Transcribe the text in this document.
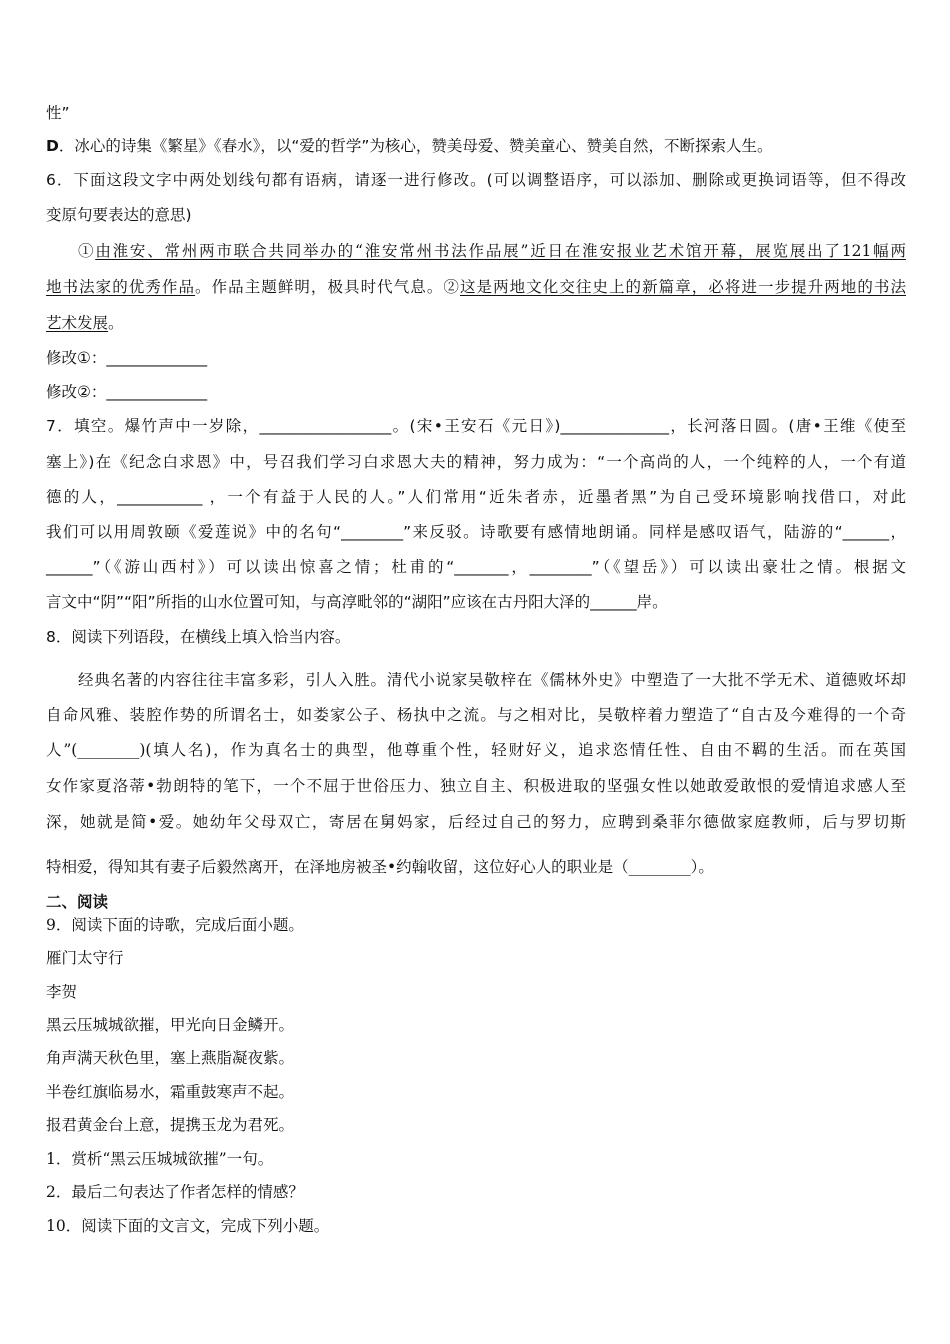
性”
D．冰心的诗集《繁星》《春水》，以“爱的哲学”为核心，赞美母爱、赞美童心、赞美自然，不断探索人生。
6．下面这段文字中两处划线句都有语病，请逐一进行修改。(可以调整语序，可以添加、删除或更换词语等，但不得改
变原句要表达的意思)
①由淮安、常州两市联合共同举办的“淮安常州书法作品展”近日在淮安报业艺术馆开幕，展览展出了121幅两
地书法家的优秀作品。作品主题鲜明，极具时代气息。②这是两地文化交往史上的新篇章，必将进一步提升两地的书法
艺术发展。
修改①：_____________
修改②：_____________
7．填空。爆竹声中一岁除，_________________。(宋•王安石《元日》)______________，长河落日圆。(唐•王维《使至
塞上》)在《纪念白求恩》中，号召我们学习白求恩大夫的精神，努力成为：“一个高尚的人，一个纯粹的人，一个有道
德的人，___________ ，一个有益于人民的人。”人们常用“近朱者赤，近墨者黑”为自己受环境影响找借口，对此
我们可以用周敦颐《爱莲说》中的名句“________”来反驳。诗歌要有感情地朗诵。同样是感叹语气，陆游的“______，
______”（《游山西村》）可以读出惊喜之情；杜甫的“_______，________”（《望岳》）可以读出豪壮之情。根据文
言文中“阴”“阳”所指的山水位置可知，与高淳毗邻的“湖阳”应该在古丹阳大泽的______岸。
8．阅读下列语段，在横线上填入恰当内容。
经典名著的内容往往丰富多彩，引人入胜。清代小说家吴敬梓在《儒林外史》中塑造了一大批不学无术、道德败坏却
自命风雅、装腔作势的所谓名士，如娄家公子、杨执中之流。与之相对比，吴敬梓着力塑造了“自古及今难得的一个奇
人”(________)(填人名)，作为真名士的典型，他尊重个性，轻财好义，追求恣情任性、自由不羁的生活。而在英国
女作家夏洛蒂•勃朗特的笔下，一个不屈于世俗压力、独立自主、积极进取的坚强女性以她敢爱敢恨的爱情追求感人至
深，她就是简•爱。她幼年父母双亡，寄居在舅妈家，后经过自己的努力，应聘到桑菲尔德做家庭教师，后与罗切斯
特相爱，得知其有妻子后毅然离开，在泽地房被圣•约翰收留，这位好心人的职业是（________）。
二、阅读
9．阅读下面的诗歌，完成后面小题。
雁门太守行
李贺
黑云压城城欲摧，甲光向日金鳞开。
角声满天秋色里，塞上燕脂凝夜紫。
半卷红旗临易水，霜重鼓寒声不起。
报君黄金台上意，提携玉龙为君死。
1．赏析“黑云压城城欲摧”一句。
2．最后二句表达了作者怎样的情感？
10．阅读下面的文言文，完成下列小题。
